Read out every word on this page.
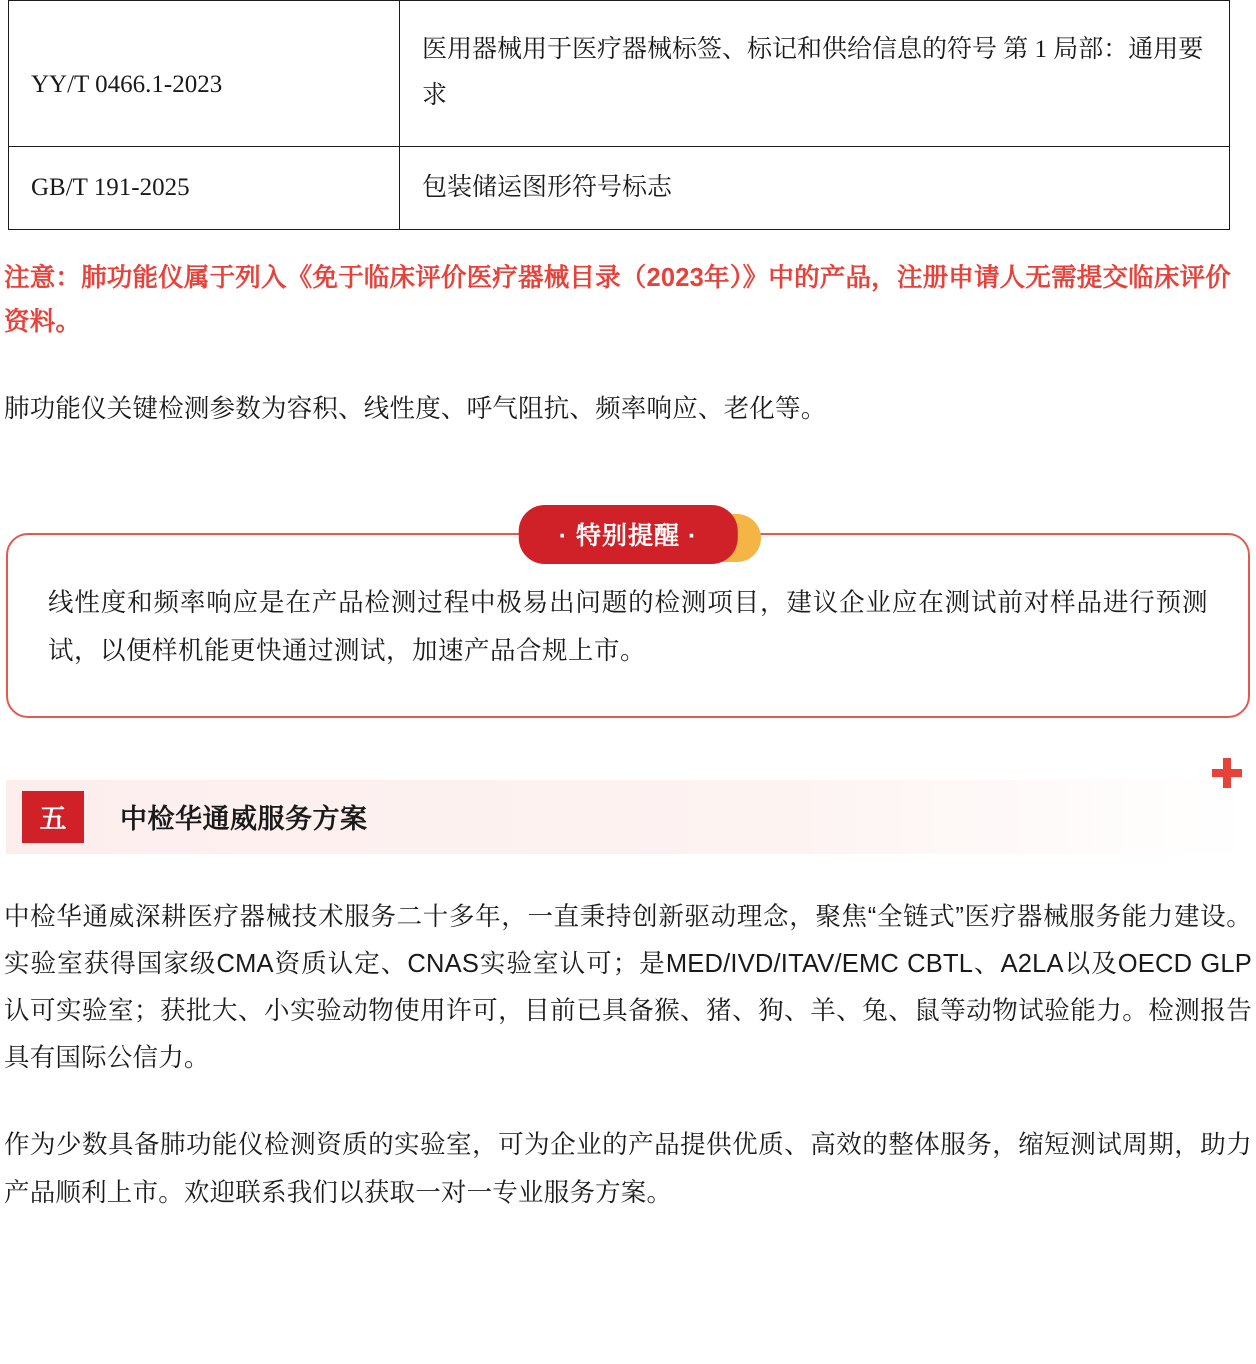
YY/T 0466.1-2023	医用器械用于医疗器械标签、标记和供给信息的符号 第 1 局部：通用要求
GB/T 191-2025	包装储运图形符号标志

注意：肺功能仪属于列入《免于临床评价医疗器械目录（2023年）》中的产品，注册申请人无需提交临床评价资料。

肺功能仪关键检测参数为容积、线性度、呼气阻抗、频率响应、老化等。

· 特别提醒 ·
线性度和频率响应是在产品检测过程中极易出问题的检测项目，建议企业应在测试前对样品进行预测试，以便样机能更快通过测试，加速产品合规上市。
五	中检华通威服务方案

中检华通威深耕医疗器械技术服务二十多年，一直秉持创新驱动理念，聚焦“全链式”医疗器械服务能力建设。实验室获得国家级CMA资质认定、CNAS实验室认可；是MED/IVD/ITAV/EMC CBTL、A2LA以及OECD GLP认可实验室；获批大、小实验动物使用许可，目前已具备猴、猪、狗、羊、兔、鼠等动物试验能力。检测报告具有国际公信力。

作为少数具备肺功能仪检测资质的实验室，可为企业的产品提供优质、高效的整体服务，缩短测试周期，助力产品顺利上市。欢迎联系我们以获取一对一专业服务方案。
